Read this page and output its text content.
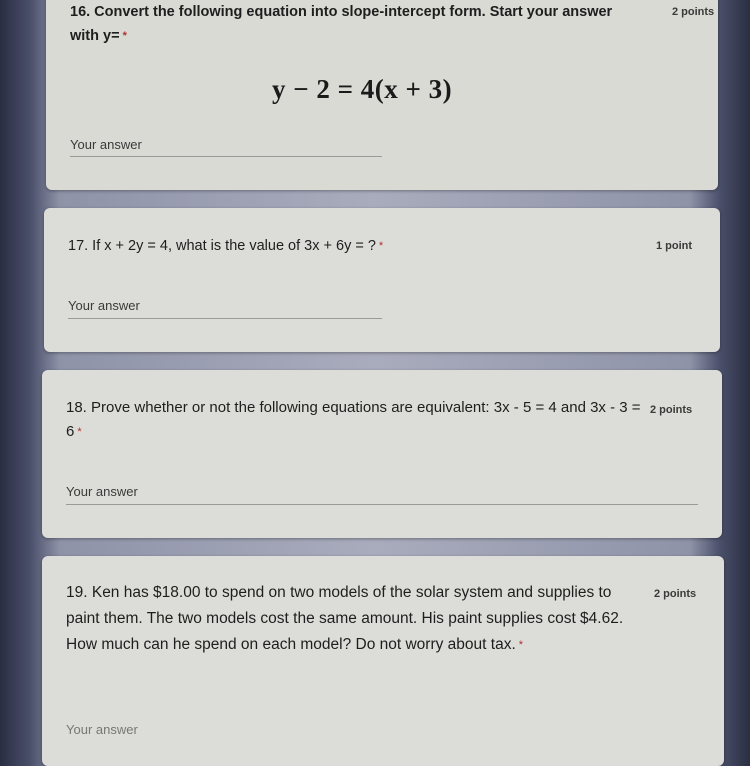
16. Convert the following equation into slope-intercept form. Start your answer with y= *
2 points
y − 2 = 4(x + 3)
Your answer
17. If x + 2y = 4, what is the value of 3x + 6y = ? *	1 point
Your answer
18. Prove whether or not the following equations are equivalent: 3x - 5 = 4 and 3x - 3 = 6 *
2 points
Your answer
19. Ken has $18.00 to spend on two models of the solar system and supplies to paint them. The two models cost the same amount. His paint supplies cost $4.62. How much can he spend on each model? Do not worry about tax. *
2 points
Your answer
